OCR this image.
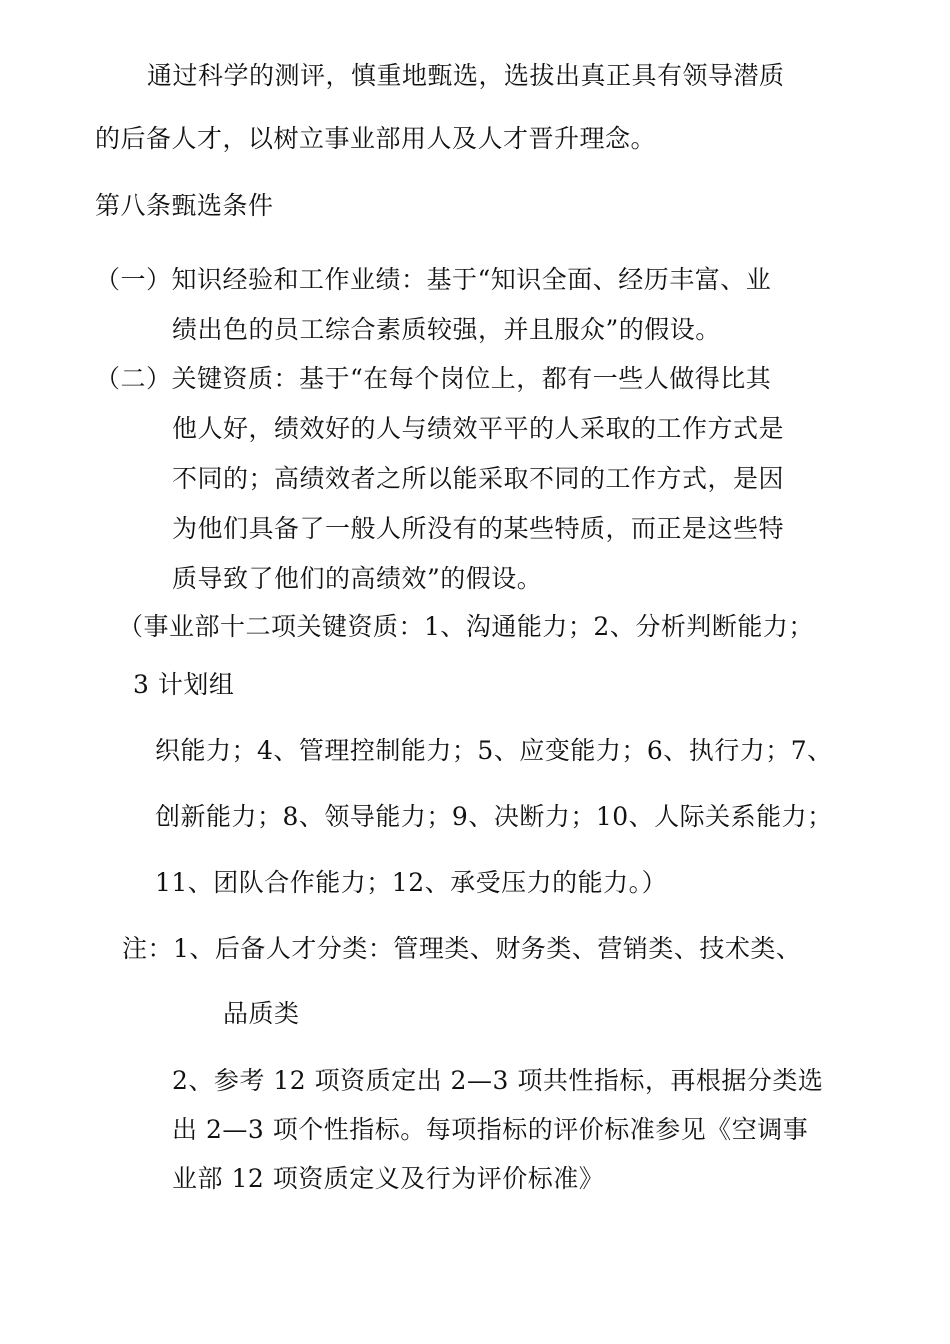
通过科学的测评，慎重地甄选，选拔出真正具有领导潜质
的后备人才，以树立事业部用人及人才晋升理念。
第八条甄选条件
（一）知识经验和工作业绩：基于“知识全面、经历丰富、业
绩出色的员工综合素质较强，并且服众”的假设。
（二）关键资质：基于“在每个岗位上，都有一些人做得比其
他人好，绩效好的人与绩效平平的人采取的工作方式是
不同的；高绩效者之所以能采取不同的工作方式，是因
为他们具备了一般人所没有的某些特质，而正是这些特
质导致了他们的高绩效”的假设。
（事业部十二项关键资质：1、沟通能力；2、分析判断能力；
3 计划组
织能力；4、管理控制能力；5、应变能力；6、执行力；7、
创新能力；8、领导能力；9、决断力；10、人际关系能力；
11、团队合作能力；12、承受压力的能力。）
注：1、后备人才分类：管理类、财务类、营销类、技术类、
品质类
2、参考 12 项资质定出 2—3 项共性指标，再根据分类选
出 2—3 项个性指标。每项指标的评价标准参见《空调事
业部 12 项资质定义及行为评价标准》
